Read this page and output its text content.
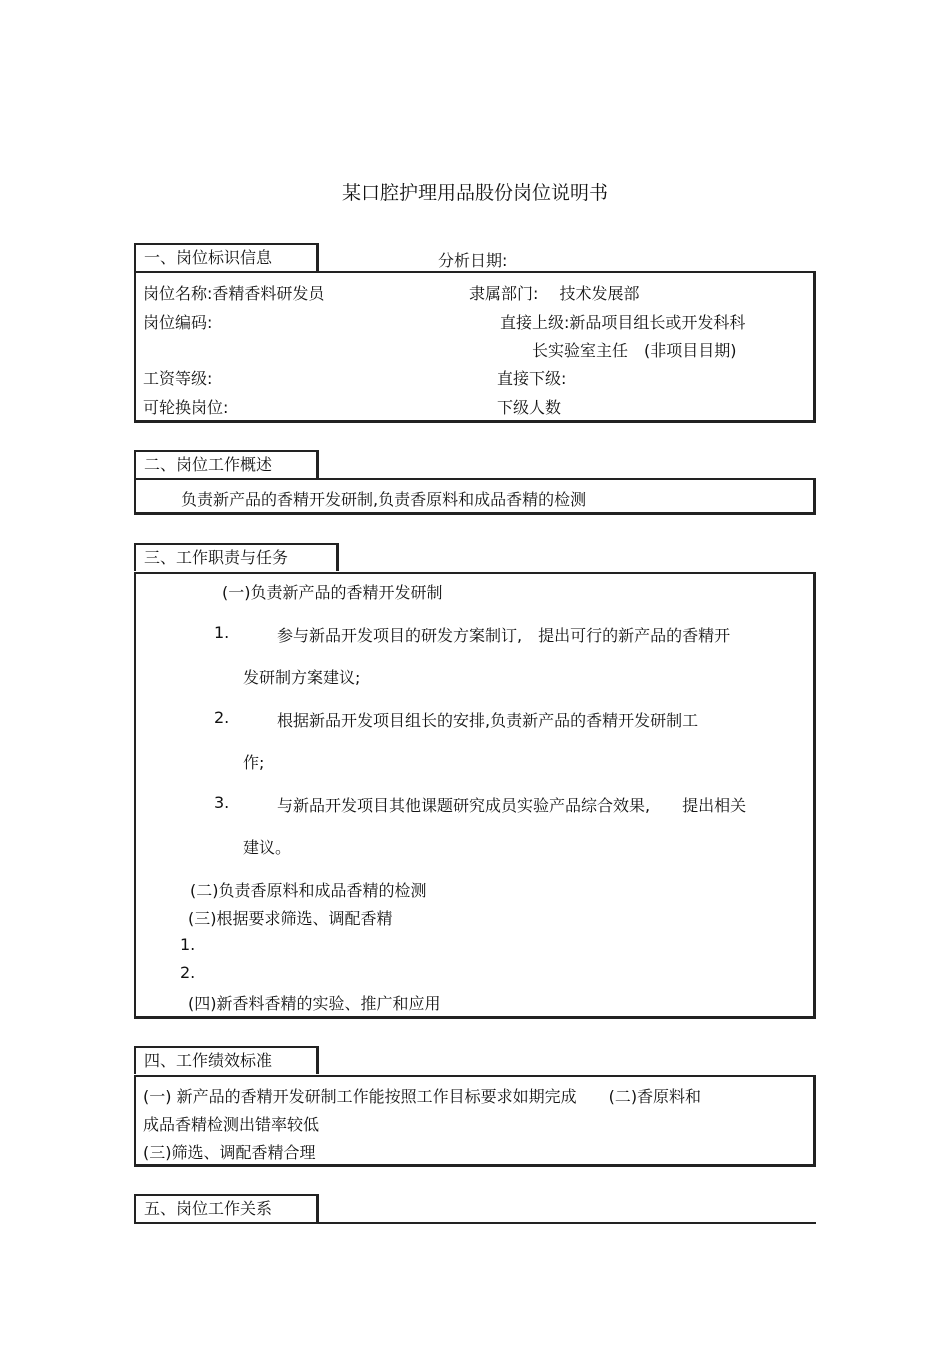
某口腔护理用品股份岗位说明书
一、岗位标识信息	分析日期:
岗位名称:香精香料研发员	隶属部门:　 技术发展部
岗位编码:	直接上级:新品项目组长或开发科科
长实验室主任　(非项目目期)
工资等级:	直接下级:
可轮换岗位:	下级人数
二、岗位工作概述
负责新产品的香精开发研制,负责香原料和成品香精的检测
三、工作职责与任务
(一)负责新产品的香精开发研制
1.	参与新品开发项目的研发方案制订,　提出可行的新产品的香精开
发研制方案建议;
2.	根据新品开发项目组长的安排,负责新产品的香精开发研制工
作;
3.	与新品开发项目其他课题研究成员实验产品综合效果,　　提出相关
建议。
(二)负责香原料和成品香精的检测
(三)根据要求筛选、调配香精
1.
2.
(四)新香料香精的实验、推广和应用
四、工作绩效标准
(一) 新产品的香精开发研制工作能按照工作目标要求如期完成　　(二)香原料和
成品香精检测出错率较低
(三)筛选、调配香精合理
五、岗位工作关系
